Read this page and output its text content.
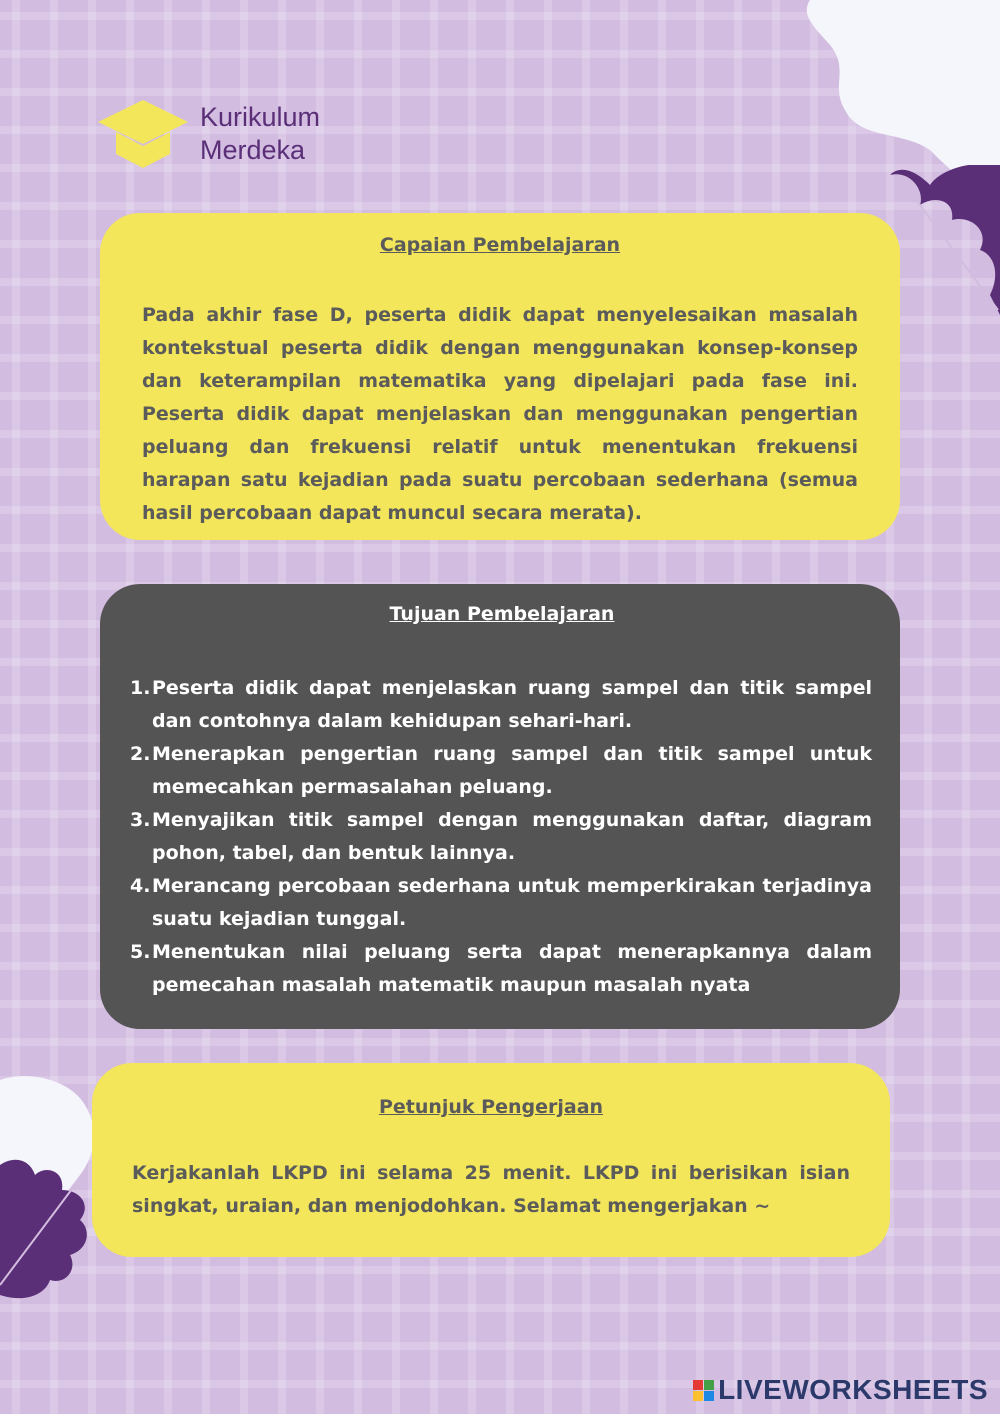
Kurikulum
Merdeka
Capaian Pembelajaran

Pada akhir fase D, peserta didik dapat menyelesaikan masalah kontekstual peserta didik dengan menggunakan konsep-konsep dan keterampilan matematika yang dipelajari pada fase ini. Peserta didik dapat menjelaskan dan menggunakan pengertian peluang dan frekuensi relatif untuk menentukan frekuensi harapan satu kejadian pada suatu percobaan sederhana (semua hasil percobaan dapat muncul secara merata).

Tujuan Pembelajaran
1. Peserta didik dapat menjelaskan ruang sampel dan titik sampel dan contohnya dalam kehidupan sehari-hari.
2. Menerapkan pengertian ruang sampel dan titik sampel untuk memecahkan permasalahan peluang.
3. Menyajikan titik sampel dengan menggunakan daftar, diagram pohon, tabel, dan bentuk lainnya.
4. Merancang percobaan sederhana untuk memperkirakan terjadinya suatu kejadian tunggal.
5. Menentukan nilai peluang serta dapat menerapkannya dalam pemecahan masalah matematik maupun masalah nyata
Petunjuk Pengerjaan

Kerjakanlah LKPD ini selama 25 menit. LKPD ini berisikan isian singkat, uraian, dan menjodohkan. Selamat mengerjakan ~

LIVEWORKSHEETS
